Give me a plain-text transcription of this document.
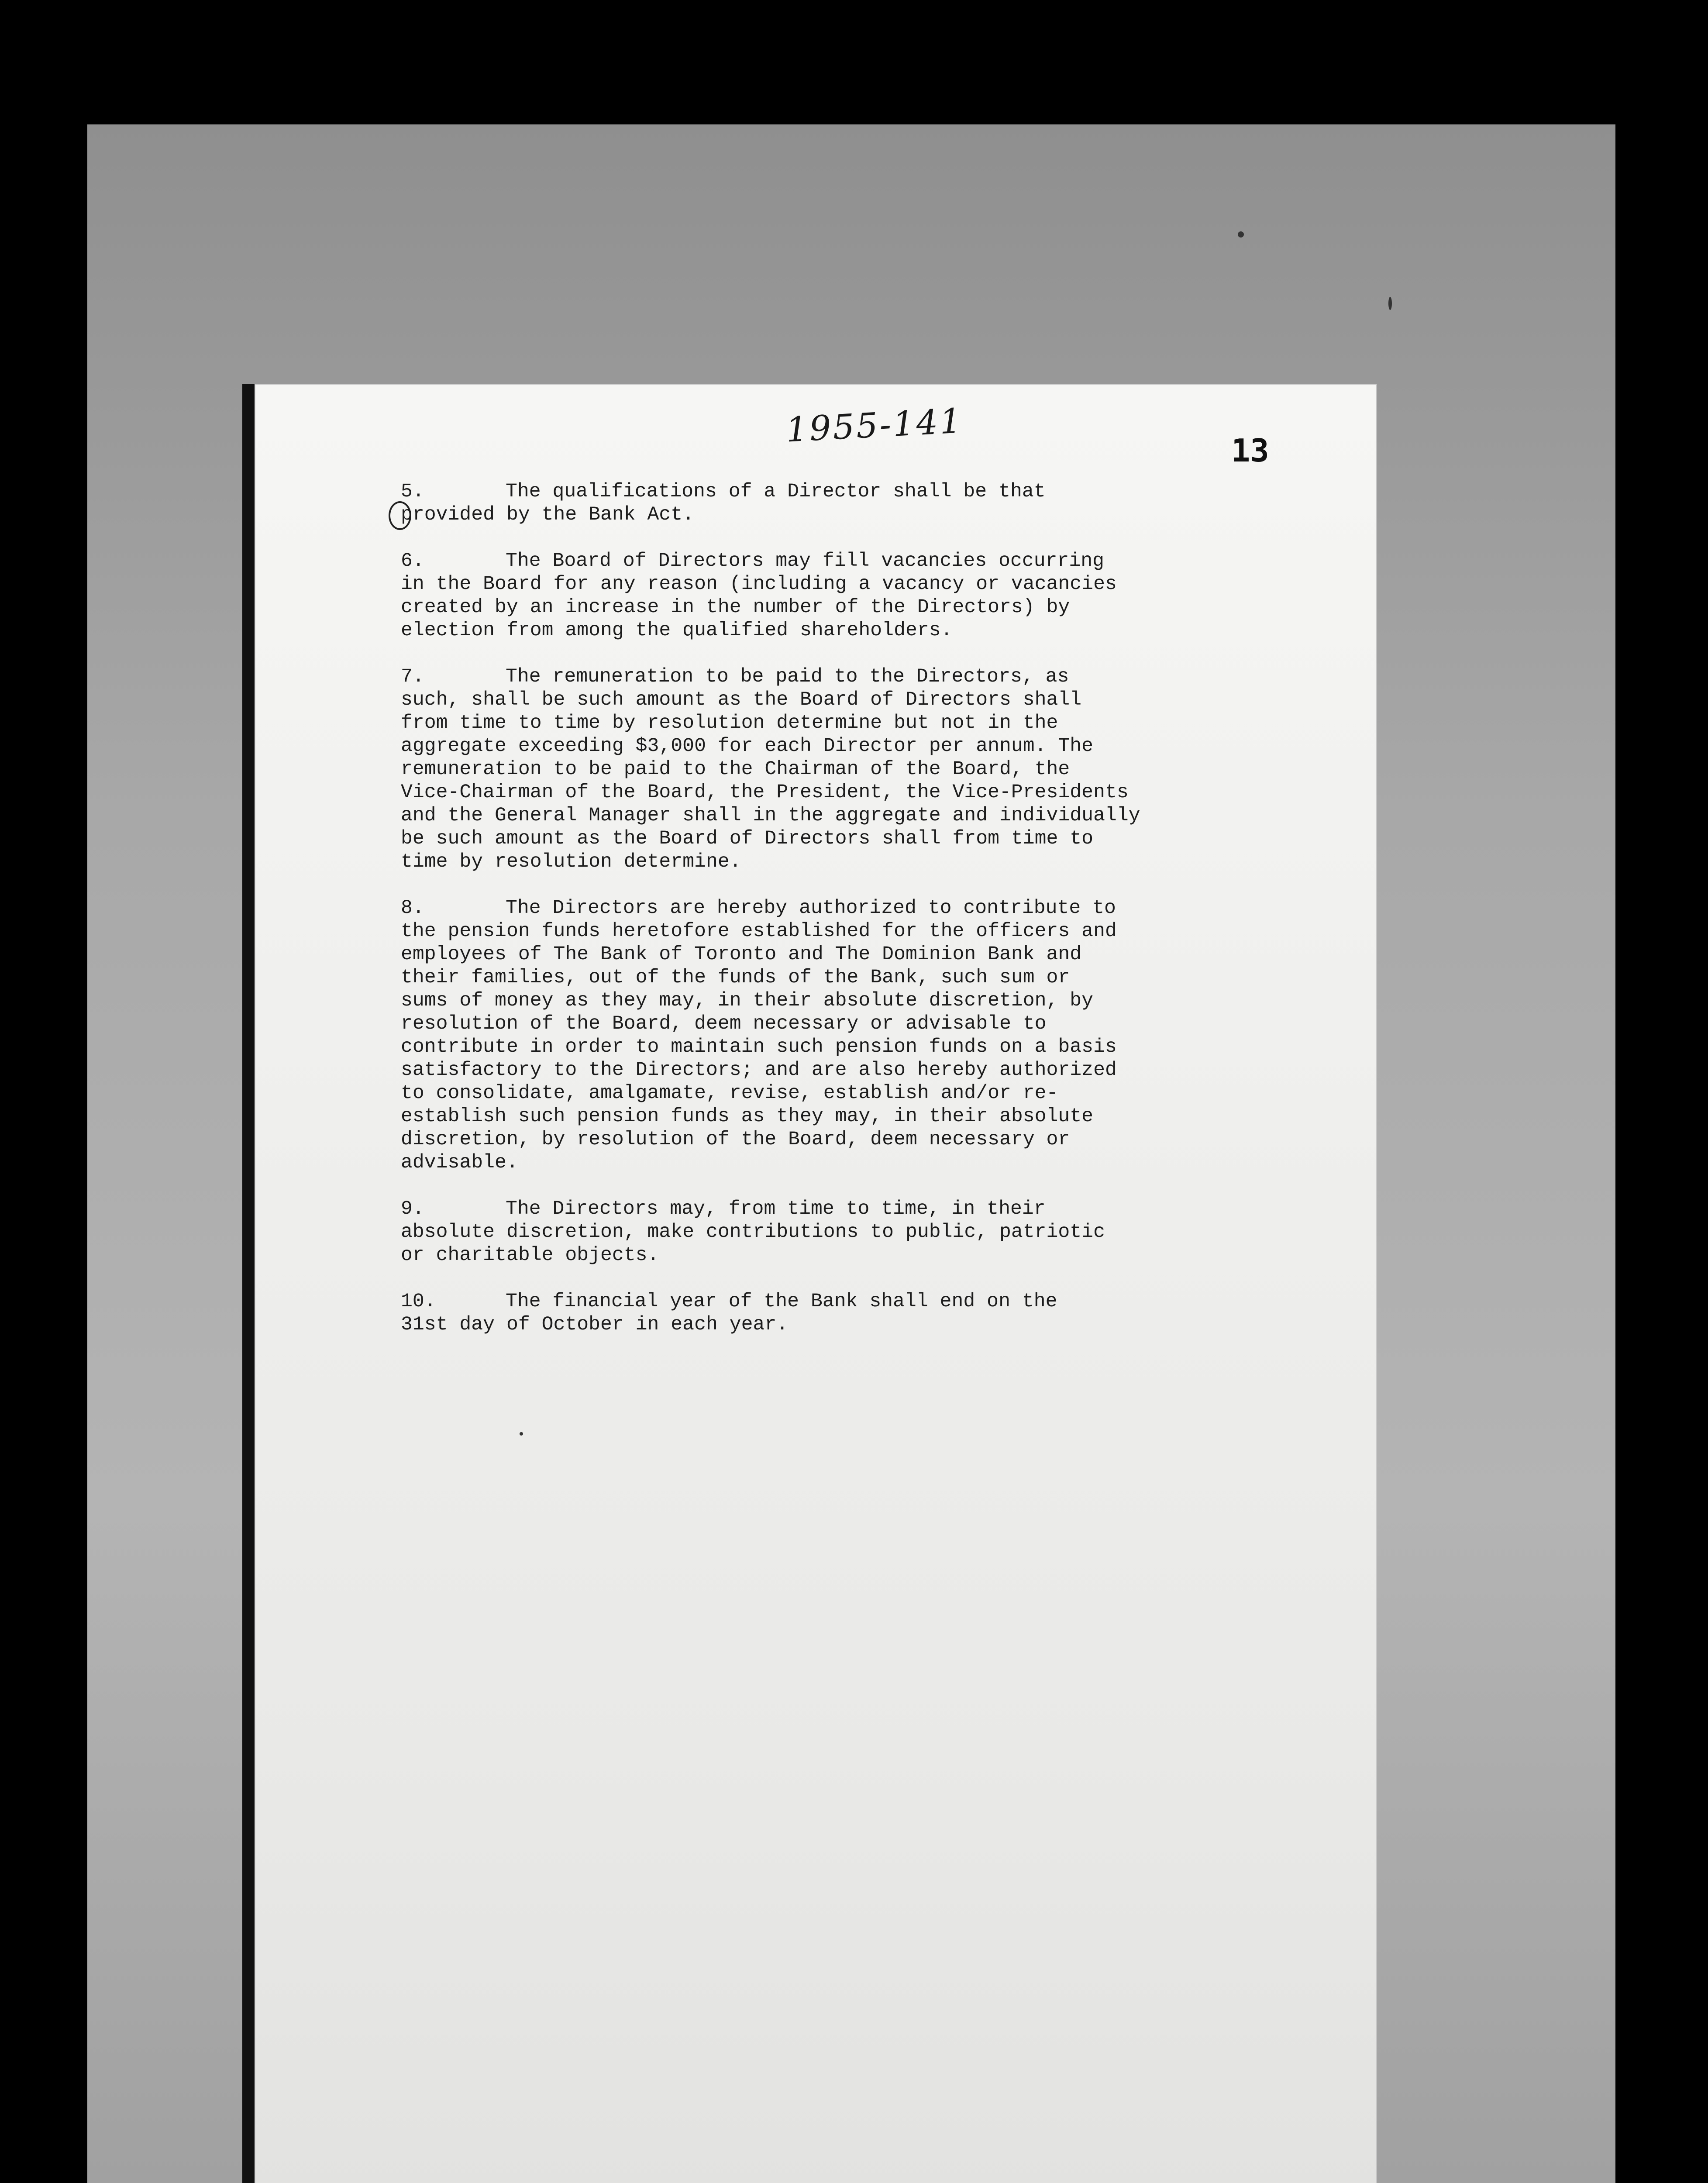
1955-141
13
5.	The qualifications of a Director shall be that
provided by the Bank Act.
6.	The Board of Directors may fill vacancies occurring
in the Board for any reason (including a vacancy or vacancies
created by an increase in the number of the Directors) by
election from among the qualified shareholders.
7.	The remuneration to be paid to the Directors, as
such, shall be such amount as the Board of Directors shall
from time to time by resolution determine but not in the
aggregate exceeding $3,000 for each Director per annum. The
remuneration to be paid to the Chairman of the Board, the
Vice-Chairman of the Board, the President, the Vice-Presidents
and the General Manager shall in the aggregate and individually
be such amount as the Board of Directors shall from time to
time by resolution determine.
8.	The Directors are hereby authorized to contribute to
the pension funds heretofore established for the officers and
employees of The Bank of Toronto and The Dominion Bank and
their families, out of the funds of the Bank, such sum or
sums of money as they may, in their absolute discretion, by
resolution of the Board, deem necessary or advisable to
contribute in order to maintain such pension funds on a basis
satisfactory to the Directors; and are also hereby authorized
to consolidate, amalgamate, revise, establish and/or re-
establish such pension funds as they may, in their absolute
discretion, by resolution of the Board, deem necessary or
advisable.
9.	The Directors may, from time to time, in their
absolute discretion, make contributions to public, patriotic
or charitable objects.
10.	The financial year of the Bank shall end on the
31st day of October in each year.
